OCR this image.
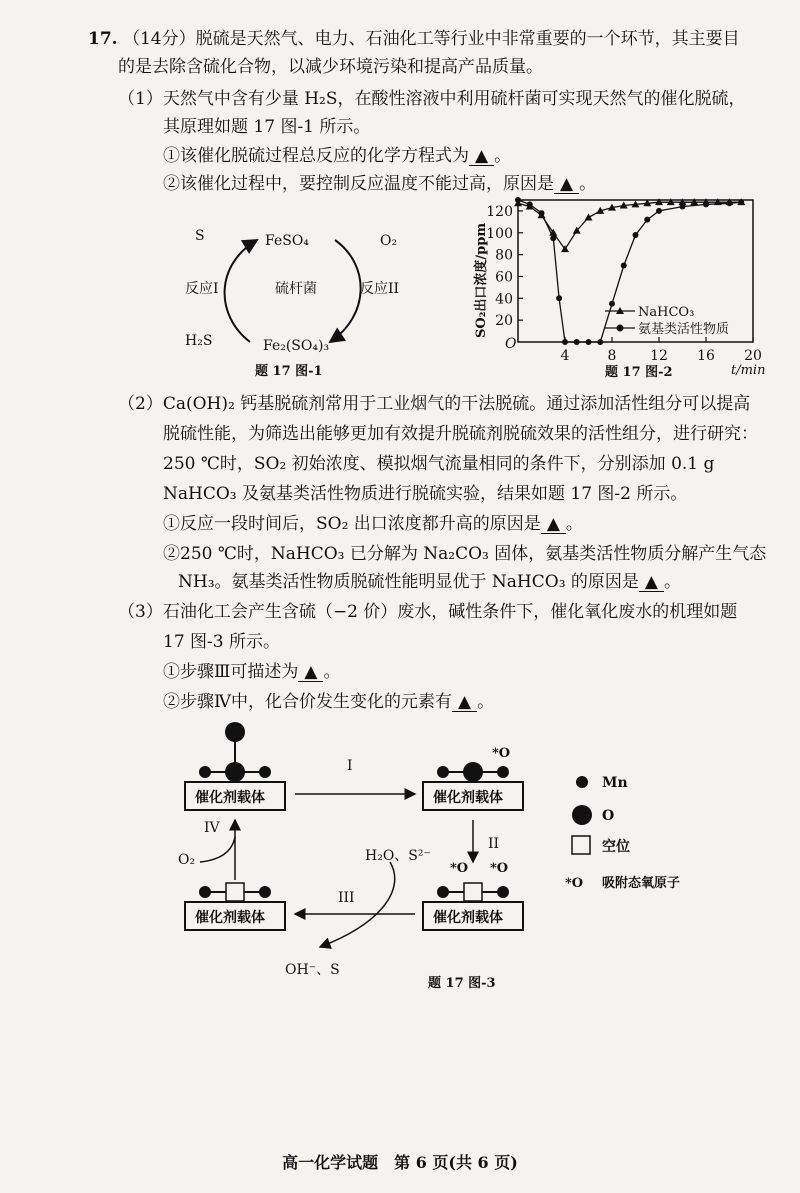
17. （14分）脱硫是天然气、电力、石油化工等行业中非常重要的一个环节，其主要目
的是去除含硫化合物，以减少环境污染和提高产品质量。
（1）天然气中含有少量 H₂S，在酸性溶液中利用硫杆菌可实现天然气的催化脱硫，
其原理如题 17 图-1 所示。
①该催化脱硫过程总反应的化学方程式为 ▲ 。
②该催化过程中，要控制反应温度不能过高，原因是 ▲ 。
S
H₂S
FeSO₄
Fe₂(SO₄)₃
O₂
反应I	反应II
硫杆菌
题 17 图-1
SO₂出口浓度/ppm 20
40
60
80
100
120
4	8 12 16 20
O
t/min
NaHCO₃
氨基类活性物质
题 17 图-2
（2）Ca(OH)₂ 钙基脱硫剂常用于工业烟气的干法脱硫。通过添加活性组分可以提高
脱硫性能，为筛选出能够更加有效提升脱硫剂脱硫效果的活性组分，进行研究：
250 ℃时，SO₂ 初始浓度、模拟烟气流量相同的条件下，分别添加 0.1 g
NaHCO₃ 及氨基类活性物质进行脱硫实验，结果如题 17 图-2 所示。
①反应一段时间后，SO₂ 出口浓度都升高的原因是 ▲ 。
②250 ℃时，NaHCO₃ 已分解为 Na₂CO₃ 固体，氨基类活性物质分解产生气态
NH₃。氨基类活性物质脱硫性能明显优于 NaHCO₃ 的原因是 ▲ 。
（3）石油化工会产生含硫（−2 价）废水，碱性条件下，催化氧化废水的机理如题
17 图-3 所示。
①步骤Ⅲ可描述为 ▲ 。
②步骤Ⅳ中，化合价发生变化的元素有 ▲ 。
催化剂载体
I
*O
催化剂载体
II
*O *O
催化剂载体
III
H₂O、S²⁻
OH⁻、S
催化剂载体
IV
O₂
Mn
O
空位
*O 吸附态氧原子
题 17 图-3
高一化学试题　第 6 页(共 6 页)
